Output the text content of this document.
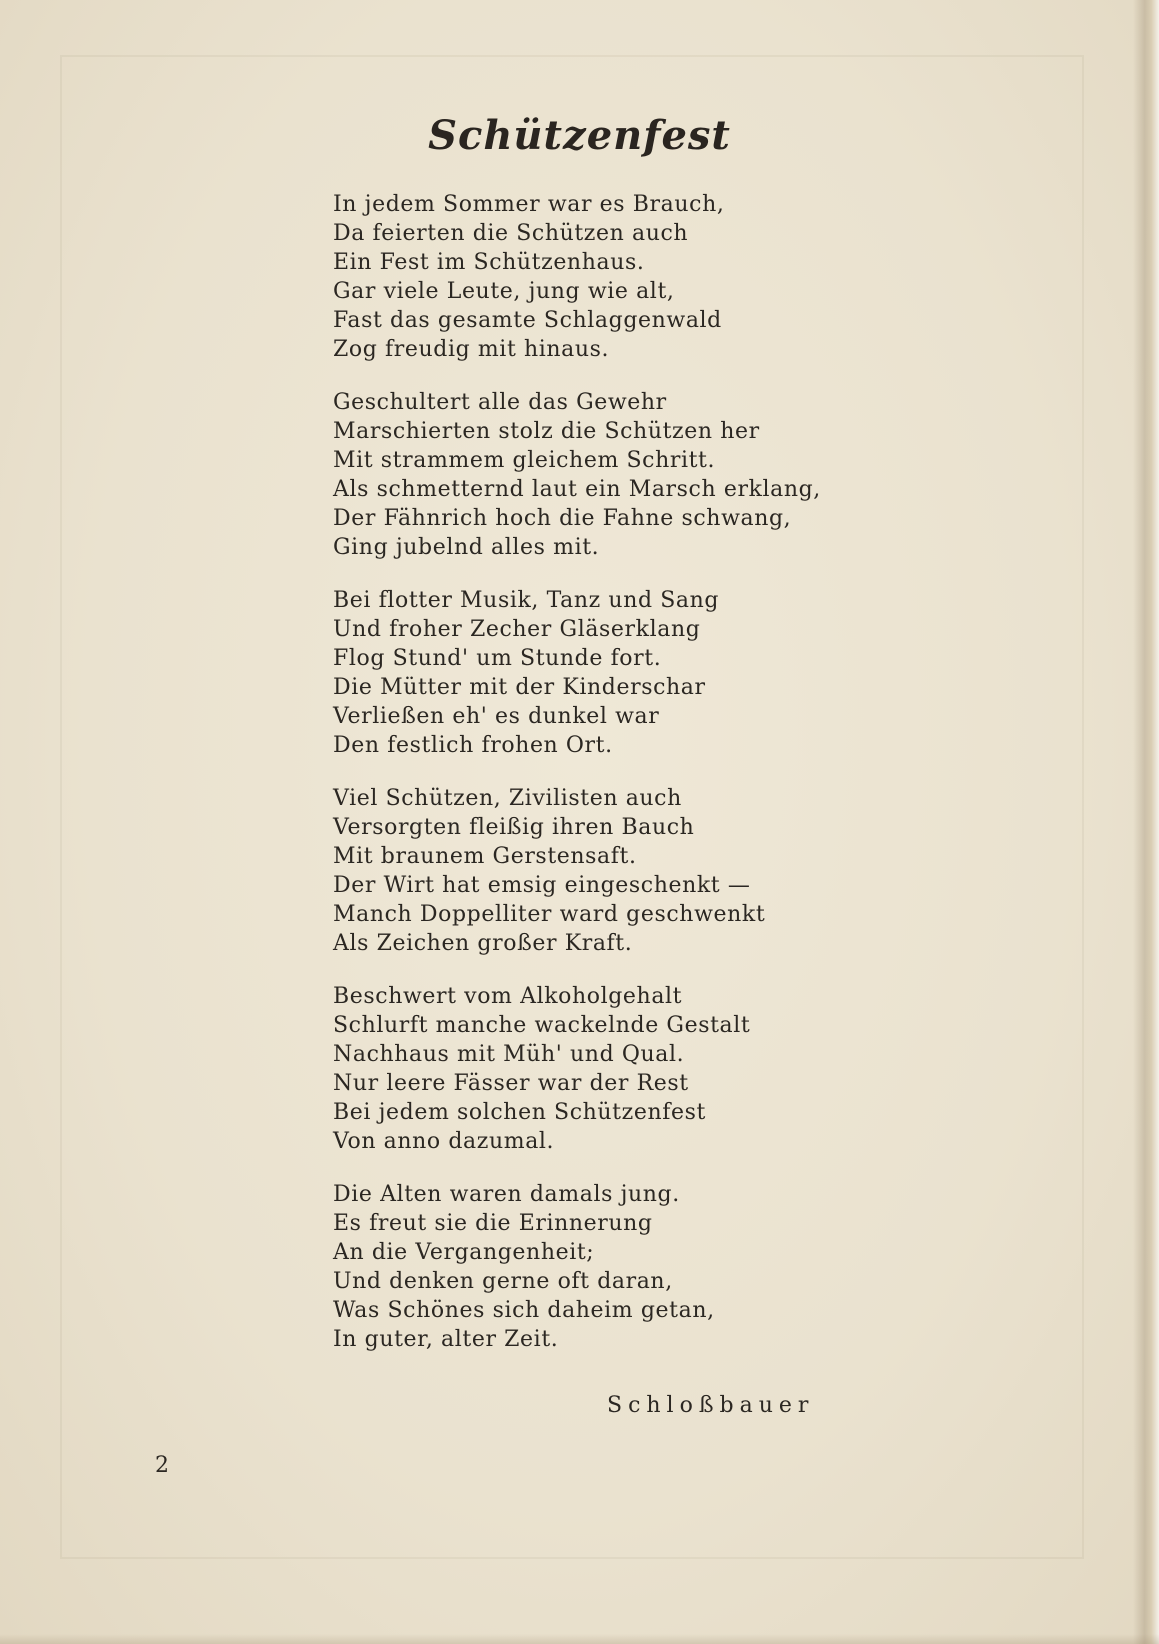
Schützenfest
In jedem Sommer war es Brauch,
Da feierten die Schützen auch
Ein Fest im Schützenhaus.
Gar viele Leute, jung wie alt,
Fast das gesamte Schlaggenwald
Zog freudig mit hinaus.
Geschultert alle das Gewehr
Marschierten stolz die Schützen her
Mit strammem gleichem Schritt.
Als schmetternd laut ein Marsch erklang,
Der Fähnrich hoch die Fahne schwang,
Ging jubelnd alles mit.
Bei flotter Musik, Tanz und Sang
Und froher Zecher Gläserklang
Flog Stund' um Stunde fort.
Die Mütter mit der Kinderschar
Verließen eh' es dunkel war
Den festlich frohen Ort.
Viel Schützen, Zivilisten auch
Versorgten fleißig ihren Bauch
Mit braunem Gerstensaft.
Der Wirt hat emsig eingeschenkt —
Manch Doppelliter ward geschwenkt
Als Zeichen großer Kraft.
Beschwert vom Alkoholgehalt
Schlurft manche wackelnde Gestalt
Nachhaus mit Müh' und Qual.
Nur leere Fässer war der Rest
Bei jedem solchen Schützenfest
Von anno dazumal.
Die Alten waren damals jung.
Es freut sie die Erinnerung
An die Vergangenheit;
Und denken gerne oft daran,
Was Schönes sich daheim getan,
In guter, alter Zeit.
Schloßbauer
2
